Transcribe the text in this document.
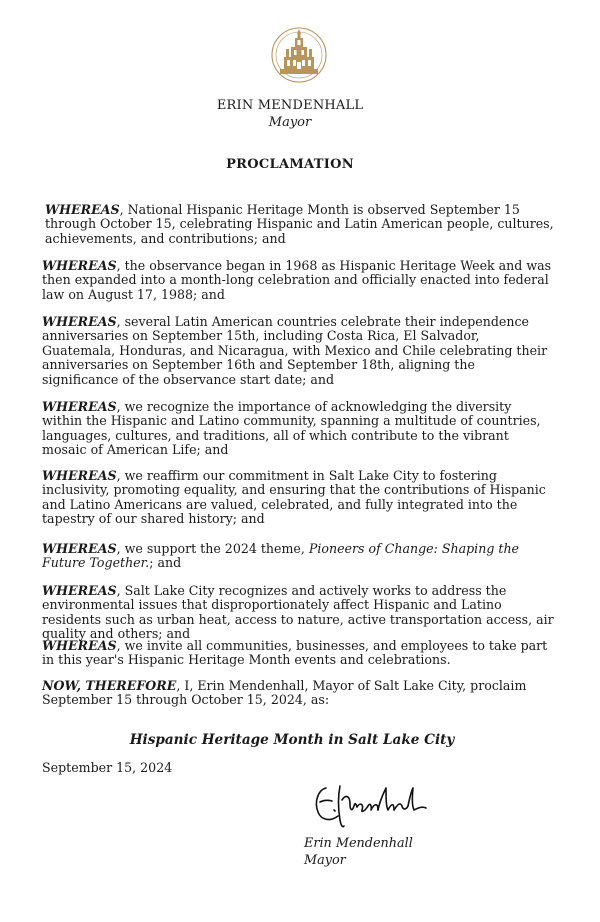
ERIN MENDENHALL
Mayor
PROCLAMATION

WHEREAS, National Hispanic Heritage Month is observed September 15 through October 15, celebrating Hispanic and Latin American people, cultures, achievements, and contributions; and

WHEREAS, the observance began in 1968 as Hispanic Heritage Week and was then expanded into a month-long celebration and officially enacted into federal law on August 17, 1988; and

WHEREAS, several Latin American countries celebrate their independence anniversaries on September 15th, including Costa Rica, El Salvador, Guatemala, Honduras, and Nicaragua, with Mexico and Chile celebrating their anniversaries on September 16th and September 18th, aligning the significance of the observance start date; and

WHEREAS, we recognize the importance of acknowledging the diversity within the Hispanic and Latino community, spanning a multitude of countries, languages, cultures, and traditions, all of which contribute to the vibrant mosaic of American Life; and

WHEREAS, we reaffirm our commitment in Salt Lake City to fostering inclusivity, promoting equality, and ensuring that the contributions of Hispanic and Latino Americans are valued, celebrated, and fully integrated into the tapestry of our shared history; and

WHEREAS, we support the 2024 theme, Pioneers of Change: Shaping the Future Together.; and

WHEREAS, Salt Lake City recognizes and actively works to address the environmental issues that disproportionately affect Hispanic and Latino residents such as urban heat, access to nature, active transportation access, air quality and others; and

WHEREAS, we invite all communities, businesses, and employees to take part in this year's Hispanic Heritage Month events and celebrations.

NOW, THEREFORE, I, Erin Mendenhall, Mayor of Salt Lake City, proclaim September 15 through October 15, 2024, as:

Hispanic Heritage Month in Salt Lake City
September 15, 2024
Erin Mendenhall
Mayor
